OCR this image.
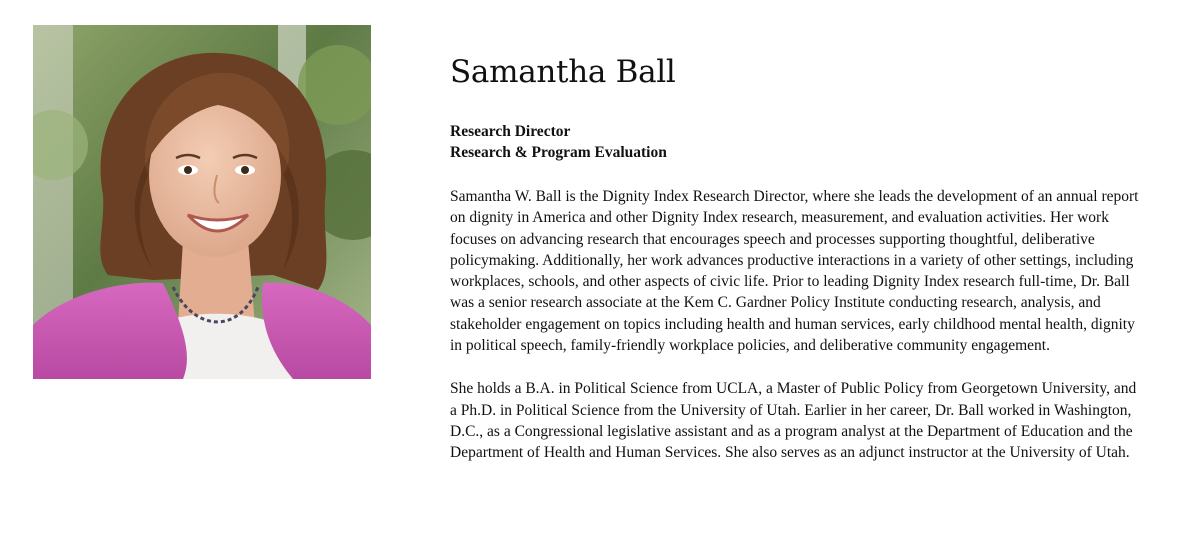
Samantha Ball
Research Director
Research & Program Evaluation

Samantha W. Ball is the Dignity Index Research Director, where she leads the development of an annual report on dignity in America and other Dignity Index research, measurement, and evaluation activities. Her work focuses on advancing research that encourages speech and processes supporting thoughtful, deliberative policymaking. Additionally, her work advances productive interactions in a variety of other settings, including workplaces, schools, and other aspects of civic life. Prior to leading Dignity Index research full-time, Dr. Ball was a senior research associate at the Kem C. Gardner Policy Institute conducting research, analysis, and stakeholder engagement on topics including health and human services, early childhood mental health, dignity in political speech, family-friendly workplace policies, and deliberative community engagement.

She holds a B.A. in Political Science from UCLA, a Master of Public Policy from Georgetown University, and a Ph.D. in Political Science from the University of Utah. Earlier in her career, Dr. Ball worked in Washington, D.C., as a Congressional legislative assistant and as a program analyst at the Department of Education and the Department of Health and Human Services. She also serves as an adjunct instructor at the University of Utah.
